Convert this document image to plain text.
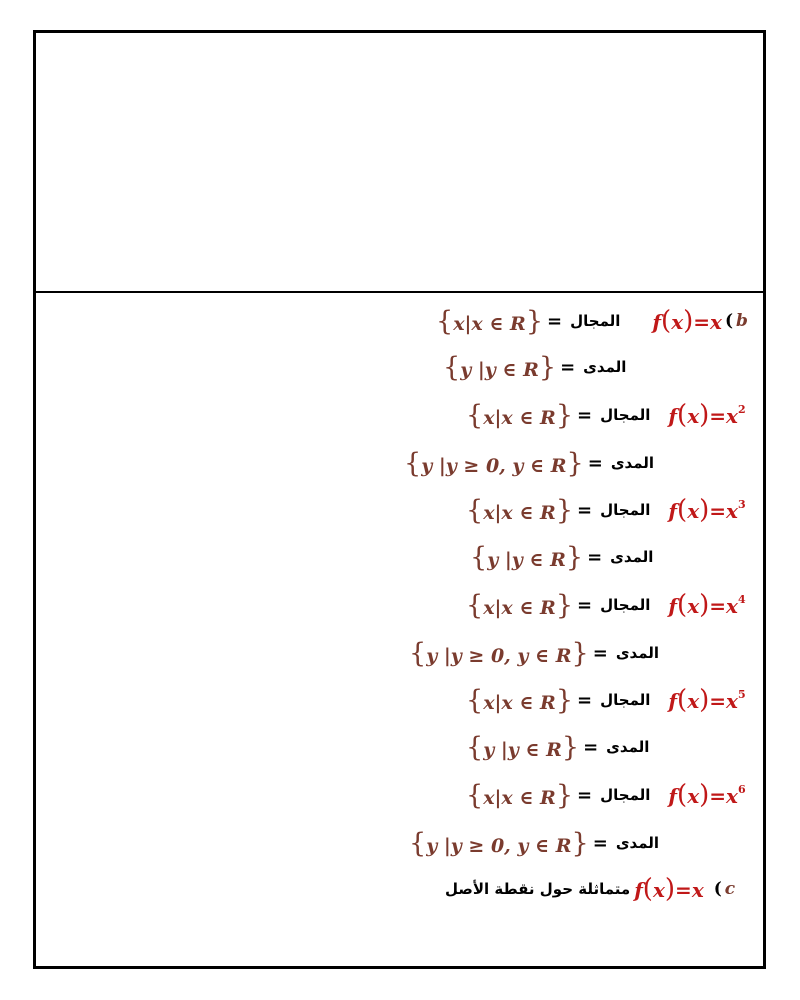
{x|x ∈ R} = المجال f(x)=x ( b
{y |y ∈ R} = المدى
{x|x ∈ R} = المجال $f(x)=x^2$
{y |y ≥ 0, y ∈ R} = المدى
{x|x ∈ R} = المجال $f(x)=x^3$
{y |y ∈ R} = المدى
{x|x ∈ R} = المجال $f(x)=x^4$
{y |y ≥ 0, y ∈ R} = المدى
{x|x ∈ R} = المجال $f(x)=x^5$
{y |y ∈ R} = المدى
{x|x ∈ R} = المجال $f(x)=x^6$
{y |y ≥ 0, y ∈ R} = المدى
متماثلة حول نقطة الأصل f(x)=x ( c
